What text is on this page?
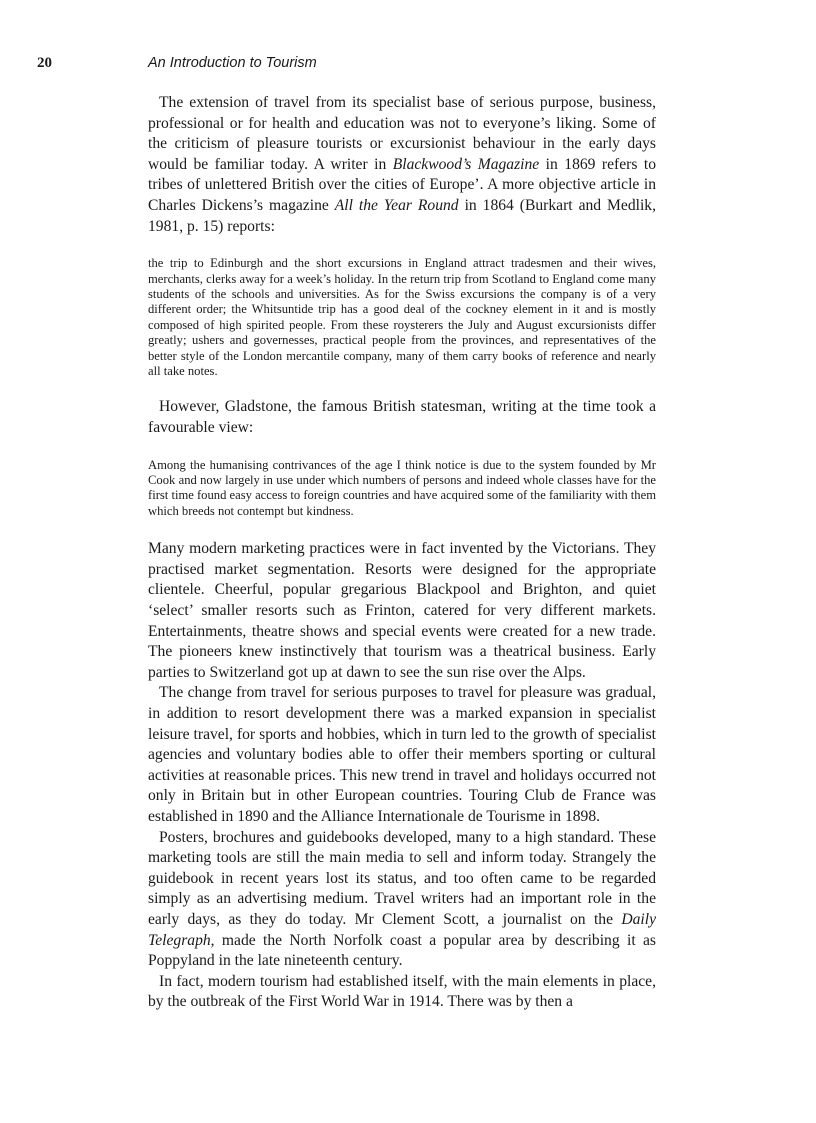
20	An Introduction to Tourism

The extension of travel from its specialist base of serious purpose, business, professional or for health and education was not to everyone’s liking. Some of the criticism of pleasure tourists or excursionist behaviour in the early days would be familiar today. A writer in Blackwood’s Magazine in 1869 refers to tribes of unlettered British over the cities of Europe’. A more objective article in Charles Dickens’s magazine All the Year Round in 1864 (Burkart and Medlik, 1981, p. 15) reports:

the trip to Edinburgh and the short excursions in England attract tradesmen and their wives, merchants, clerks away for a week’s holiday. In the return trip from Scotland to England come many students of the schools and universities. As for the Swiss excursions the company is of a very different order; the Whitsuntide trip has a good deal of the cockney element in it and is mostly composed of high spirited people. From these roysterers the July and August excursionists differ greatly; ushers and governesses, practical people from the provinces, and representatives of the better style of the London mercantile company, many of them carry books of reference and nearly all take notes.

However, Gladstone, the famous British statesman, writing at the time took a favourable view:

Among the humanising contrivances of the age I think notice is due to the system founded by Mr Cook and now largely in use under which numbers of persons and indeed whole classes have for the first time found easy access to foreign countries and have acquired some of the familiarity with them which breeds not contempt but kindness.

Many modern marketing practices were in fact invented by the Victorians. They practised market segmentation. Resorts were designed for the appropriate clientele. Cheerful, popular gregarious Blackpool and Brighton, and quiet ‘select’ smaller resorts such as Frinton, catered for very different markets. Entertainments, theatre shows and special events were created for a new trade. The pioneers knew instinctively that tourism was a theatrical business. Early parties to Switzerland got up at dawn to see the sun rise over the Alps.

The change from travel for serious purposes to travel for pleasure was gradual, in addition to resort development there was a marked expansion in specialist leisure travel, for sports and hobbies, which in turn led to the growth of specialist agencies and voluntary bodies able to offer their members sporting or cultural activities at reasonable prices. This new trend in travel and holidays occurred not only in Britain but in other European countries. Touring Club de France was established in 1890 and the Alliance Internationale de Tourisme in 1898.

Posters, brochures and guidebooks developed, many to a high standard. These marketing tools are still the main media to sell and inform today. Strangely the guidebook in recent years lost its status, and too often came to be regarded simply as an advertising medium. Travel writers had an important role in the early days, as they do today. Mr Clement Scott, a journalist on the Daily Telegraph, made the North Norfolk coast a popular area by describing it as Poppyland in the late nineteenth century.

In fact, modern tourism had established itself, with the main elements in place, by the outbreak of the First World War in 1914. There was by then a
